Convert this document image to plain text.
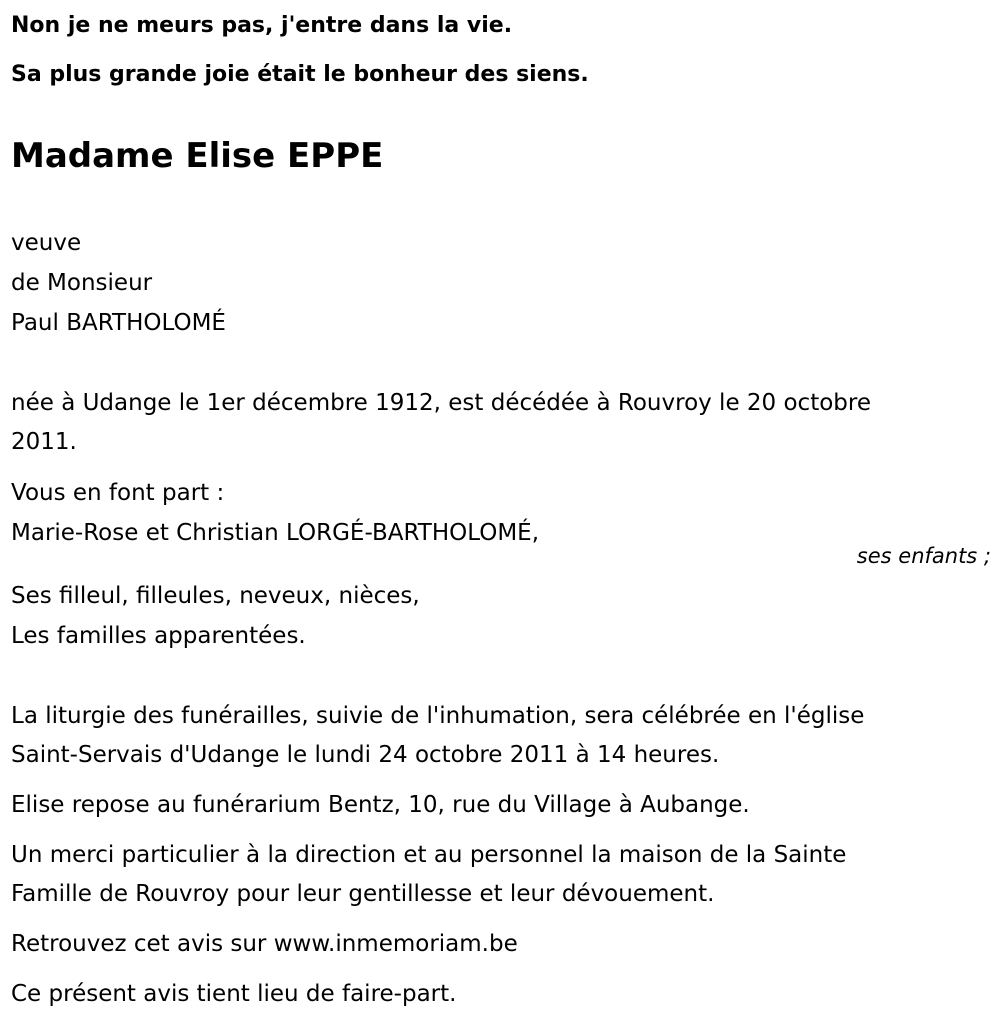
Non je ne meurs pas, j'entre dans la vie.
Sa plus grande joie était le bonheur des siens.
Madame Elise EPPE
veuve
de Monsieur
Paul BARTHOLOMÉ
née à Udange le 1er décembre 1912, est décédée à Rouvroy le 20 octobre
2011.
Vous en font part :
Marie-Rose et Christian LORGÉ-BARTHOLOMÉ,
ses enfants ;
Ses filleul, filleules, neveux, nièces,
Les familles apparentées.
La liturgie des funérailles, suivie de l'inhumation, sera célébrée en l'église
Saint-Servais d'Udange le lundi 24 octobre 2011 à 14 heures.
Elise repose au funérarium Bentz, 10, rue du Village à Aubange.
Un merci particulier à la direction et au personnel la maison de la Sainte
Famille de Rouvroy pour leur gentillesse et leur dévouement.
Retrouvez cet avis sur www.inmemoriam.be
Ce présent avis tient lieu de faire-part.
